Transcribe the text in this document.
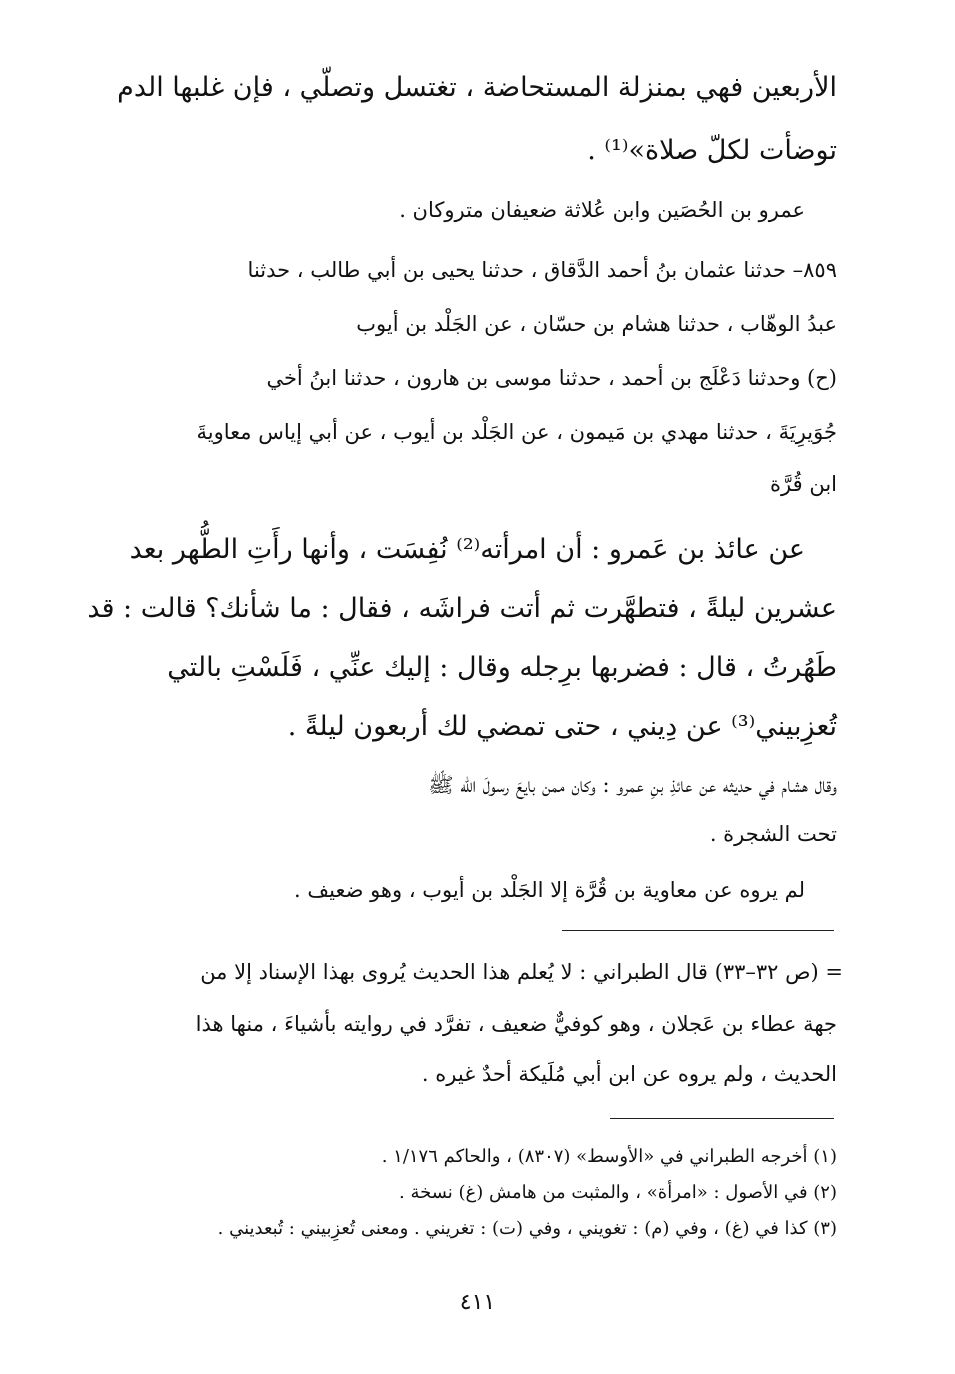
الأربعين فهي بمنزلة المستحاضة ، تغتسل وتصلّي ، فإن غلبها الدم
توضأت لكلّ صلاة»⁽¹⁾ .
عمرو بن الحُصَين وابن عُلاثة ضعيفان متروكان .
٨٥٩– حدثنا عثمان بنُ أحمد الدَّقاق ، حدثنا يحيى بن أبي طالب ، حدثنا
عبدُ الوهّاب ، حدثنا هشام بن حسّان ، عن الجَلْد بن أيوب
(ح) وحدثنا دَعْلَج بن أحمد ، حدثنا موسى بن هارون ، حدثنا ابنُ أخي
جُوَيرِيَةَ ، حدثنا مهدي بن مَيمون ، عن الجَلْد بن أيوب ، عن أبي إياس معاويةَ
ابن قُرَّة
عن عائذ بن عَمرو : أن امرأته⁽²⁾ نُفِسَت ، وأنها رأَتِ الطُّهر بعد
عشرين ليلةً ، فتطهَّرت ثم أتت فراشَه ، فقال : ما شأنك؟ قالت : قد
طَهُرتُ ، قال : فضربها برِجله وقال : إليك عنِّي ، فَلَسْتِ بالتي
تُعزِبيني⁽³⁾ عن دِيني ، حتى تمضي لك أربعون ليلةً .
وقال هشام في حديثه عن عائذِ بنِ عمرو : وكان ممن بايعَ رسولَ الله ﷺ
تحت الشجرة .
لم يروه عن معاوية بن قُرَّة إلا الجَلْد بن أيوب ، وهو ضعيف .
= (ص ٣٢–٣٣) قال الطبراني : لا يُعلم هذا الحديث يُروى بهذا الإسناد إلا من
جهة عطاء بن عَجلان ، وهو كوفيٌّ ضعيف ، تفرَّد في روايته بأشياءَ ، منها هذا
الحديث ، ولم يروه عن ابن أبي مُلَيكة أحدٌ غيره .
(١) أخرجه الطبراني في «الأوسط» (٨٣٠٧) ، والحاكم ١/١٧٦ .
(٢) في الأصول : «امرأة» ، والمثبت من هامش (غ) نسخة .
(٣) كذا في (غ) ، وفي (م) : تغويني ، وفي (ت) : تغريني . ومعنى تُعزِبيني : تُبعديني .
٤١١
